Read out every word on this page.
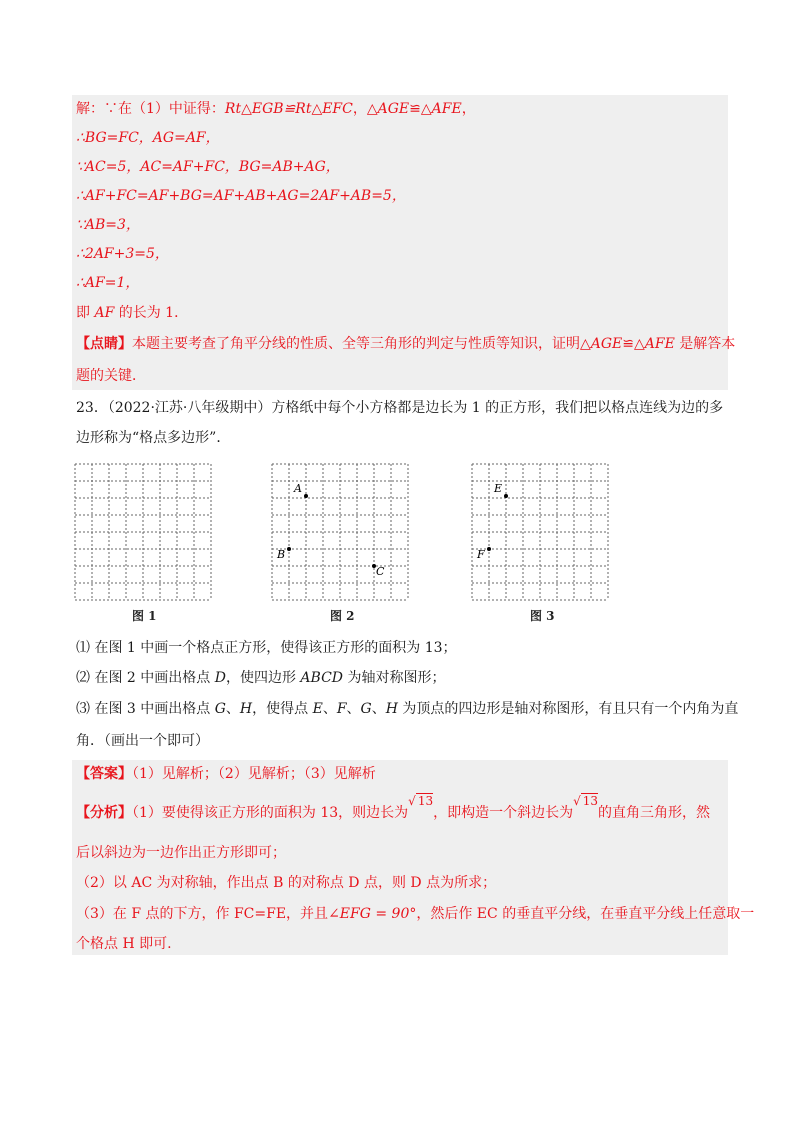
解：∵在（1）中证得：Rt△EGB≌Rt△EFC，△AGE≌△AFE，
∴BG=FC，AG=AF，
∵AC=5，AC=AF+FC，BG=AB+AG，
∴AF+FC=AF+BG=AF+AB+AG=2AF+AB=5，
∵AB=3，
∴2AF+3=5，
∴AF=1，
即 AF 的长为 1．
【点睛】本题主要考查了角平分线的性质、全等三角形的判定与性质等知识，证明△AGE≌△AFE 是解答本
题的关键．
23．（2022·江苏·八年级期中）方格纸中每个小方格都是边长为 1 的正方形，我们把以格点连线为边的多
边形称为“格点多边形”．
图 1	图 2	图 3
A
B
C
E
F
⑴ 在图 1 中画一个格点正方形，使得该正方形的面积为 13；
⑵ 在图 2 中画出格点 D，使四边形 ABCD 为轴对称图形；
⑶ 在图 3 中画出格点 G、H，使得点 E、F、G、H 为顶点的四边形是轴对称图形，有且只有一个内角为直
角．（画出一个即可）
【答案】（1）见解析；（2）见解析；（3）见解析
【分析】（1）要使得该正方形的面积为 13，则边长为√ 13，即构造一个斜边长为√ 13的直角三角形，然
后以斜边为一边作出正方形即可；
（2）以 AC 为对称轴，作出点 B 的对称点 D 点，则 D 点为所求；
（3）在 F 点的下方，作 FC=FE，并且∠EFG = 90°，然后作 EC 的垂直平分线，在垂直平分线上任意取一
个格点 H 即可.
